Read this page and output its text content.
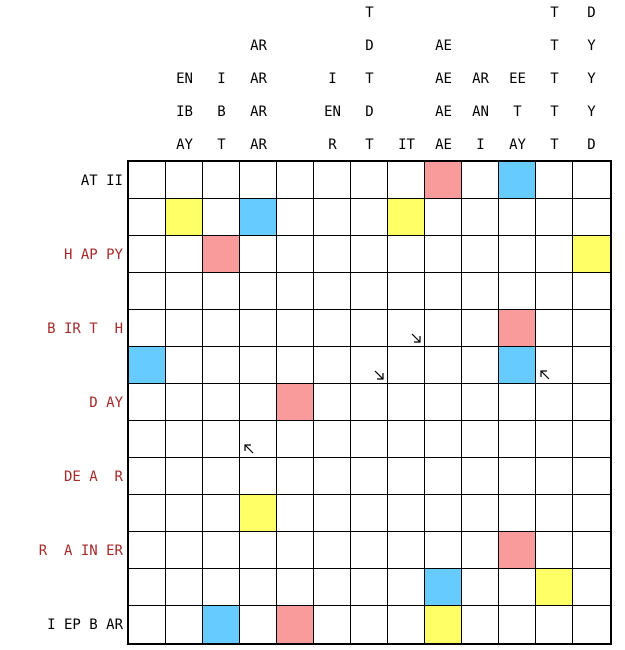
EN
IB
AY
I
B
T
AR
AR
AR
AR
I
EN
R
T
D
T
D
T	IT
AE
AE
AE
AE
AR
AN
I
EE
T
AY
T
T
T
T
T
D
Y
Y
Y
D
AT II
H AP PY
B IR T  H
D AY
DE A  R
R  A IN ER
I EP B AR
